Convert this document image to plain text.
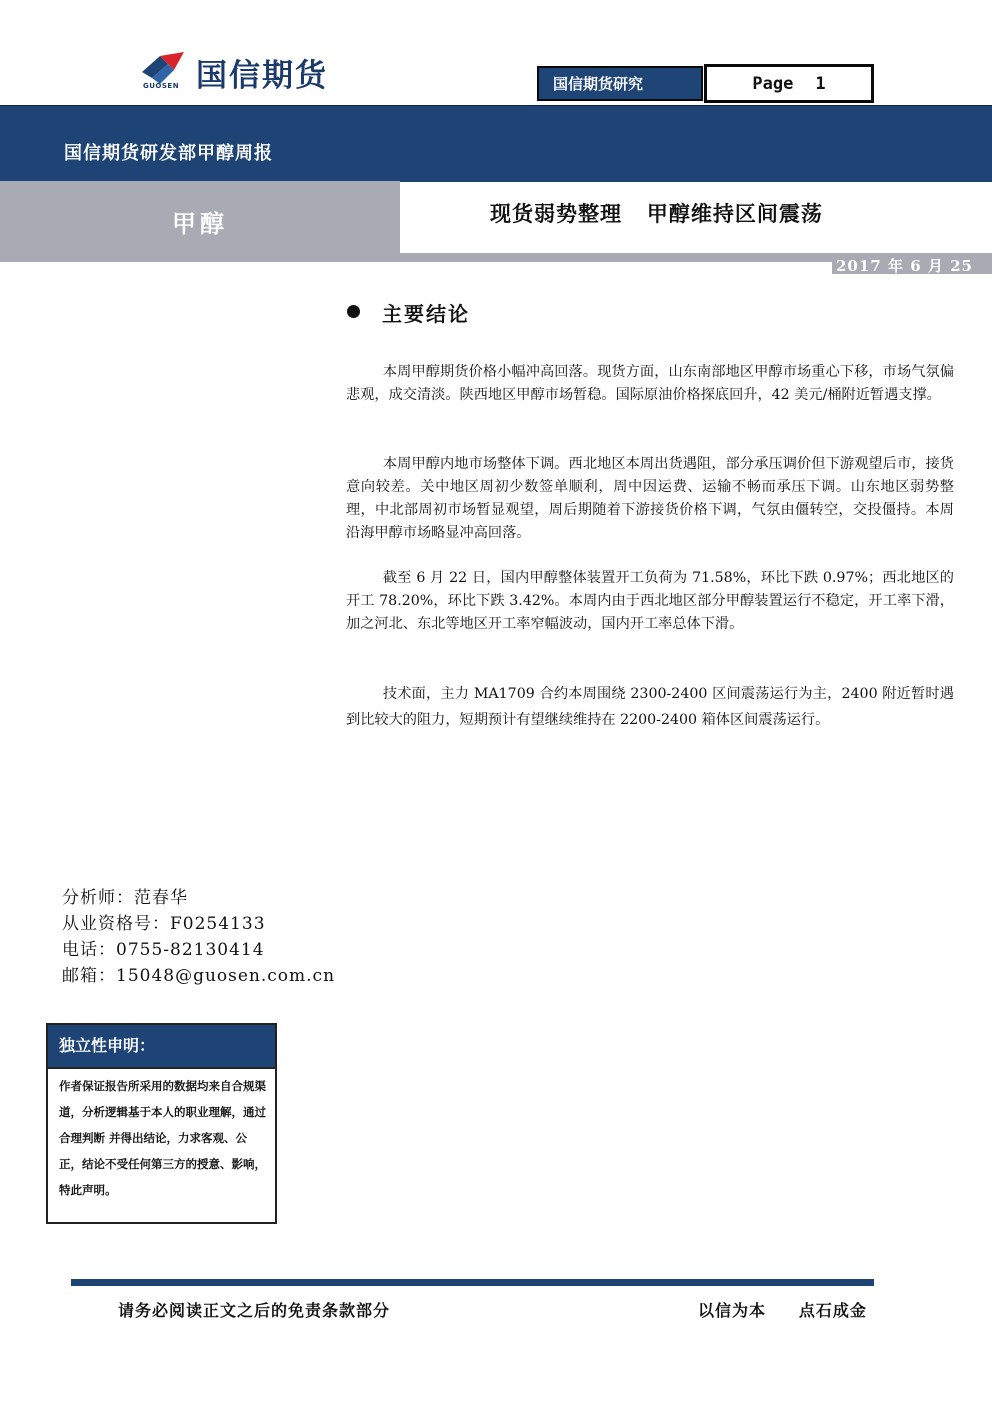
国信期货
GUOSEN	国信期货研究	Page 1
国信期货研发部甲醇周报
甲醇
2017 年 6 月 25 日
现货弱势整理   甲醇维持区间震荡
主要结论

本周甲醇期货价格小幅冲高回落。现货方面，山东南部地区甲醇市场重心下移，市场气氛偏悲观，成交清淡。陕西地区甲醇市场暂稳。国际原油价格探底回升，42 美元/桶附近暂遇支撑。

本周甲醇内地市场整体下调。西北地区本周出货遇阻，部分承压调价但下游观望后市，接货意向较差。关中地区周初少数签单顺利，周中因运费、运输不畅而承压下调。山东地区弱势整理，中北部周初市场暂显观望，周后期随着下游接货价格下调，气氛由僵转空，交投僵持。本周沿海甲醇市场略显冲高回落。

截至 6 月 22 日，国内甲醇整体装置开工负荷为 71.58%，环比下跌 0.97%；西北地区的开工 78.20%，环比下跌 3.42%。本周内由于西北地区部分甲醇装置运行不稳定，开工率下滑，加之河北、东北等地区开工率窄幅波动，国内开工率总体下滑。

技术面，主力 MA1709 合约本周围绕 2300-2400 区间震荡运行为主，2400 附近暂时遇到比较大的阻力，短期预计有望继续维持在 2200-2400 箱体区间震荡运行。

分析师：范春华
从业资格号：F0254133
电话：0755-82130414
邮箱：15048@guosen.com.cn
独立性申明：

作者保证报告所采用的数据均来自合规渠道，分析逻辑基于本人的职业理解，通过合理判断 并得出结论，力求客观、公正，结论不受任何第三方的授意、影响，特此声明。

请务必阅读正文之后的免责条款部分	以信为本     点石成金
